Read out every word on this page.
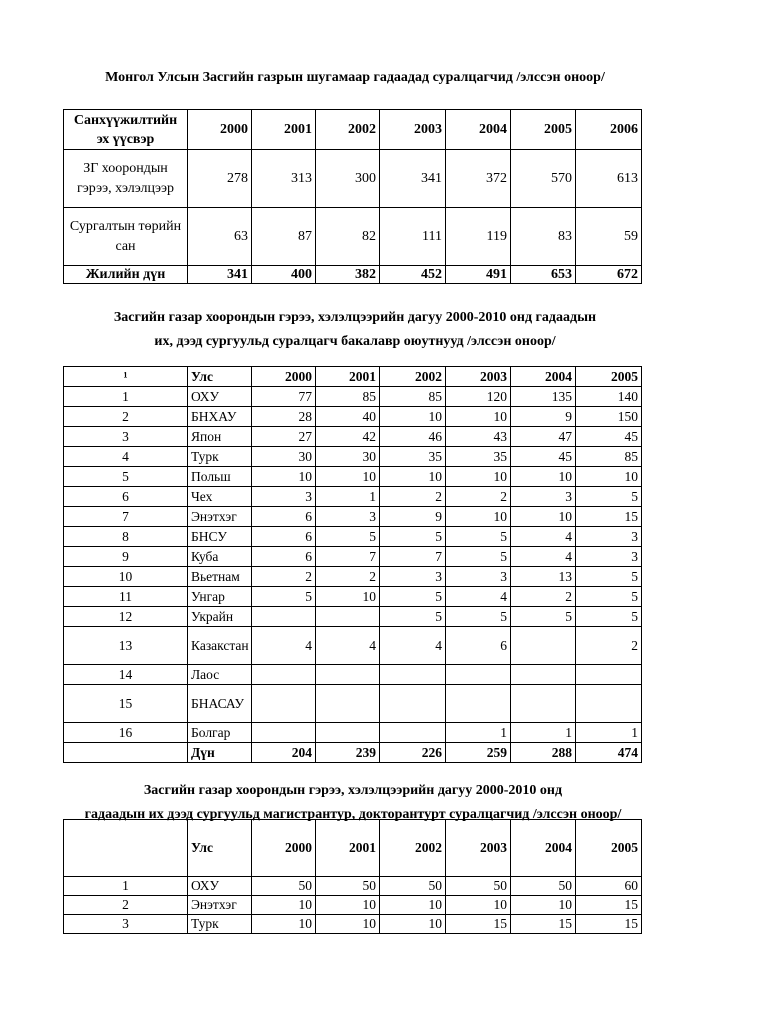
Монгол Улсын Засгийн газрын шугамаар гадаадад суралцагчид /элссэн оноор/
Санхүүжилтийн эх үүсвэр	2000	2001	2002	2003	2004	2005	2006
ЗГ хоорондын гэрээ, хэлэлцээр	278	313	300	341	372	570	613
Сургалтын төрийн сан	63	87	82	111	119	83	59
Жилийн дүн	341	400	382	452	491	653	672
Засгийн газар хоорондын гэрээ, хэлэлцээрийн дагуу 2000-2010 онд гадаадын
их, дээд сургуульд суралцагч бакалавр оюутнууд /элссэн оноор/
¹	Улс	2000	2001	2002	2003	2004	2005
1	ОХУ	77	85	85	120	135	140
2	БНХАУ	28	40	10	10	9	150
3	Япон	27	42	46	43	47	45
4	Турк	30	30	35	35	45	85
5	Польш	10	10	10	10	10	10
6	Чех	3	1	2	2	3	5
7	Энэтхэг	6	3	9	10	10	15
8	БНСУ	6	5	5	5	4	3
9	Куба	6	7	7	5	4	3
10	Вьетнам	2	2	3	3	13	5
11	Унгар	5	10	5	4	2	5
12	Украйн			5	5	5	5
13	Казакстан	4	4	4	6		2
14	Лаос						
15	БНАСАУ						
16	Болгар				1	1	1
	Дүн	204	239	226	259	288	474
Засгийн газар хоорондын гэрээ, хэлэлцээрийн дагуу 2000-2010 онд
гадаадын их дээд сургуульд магистрантур, докторантурт суралцагчид /элссэн оноор/
	Улс	2000	2001	2002	2003	2004	2005
1	ОХУ	50	50	50	50	50	60
2	Энэтхэг	10	10	10	10	10	15
3	Турк	10	10	10	15	15	15
